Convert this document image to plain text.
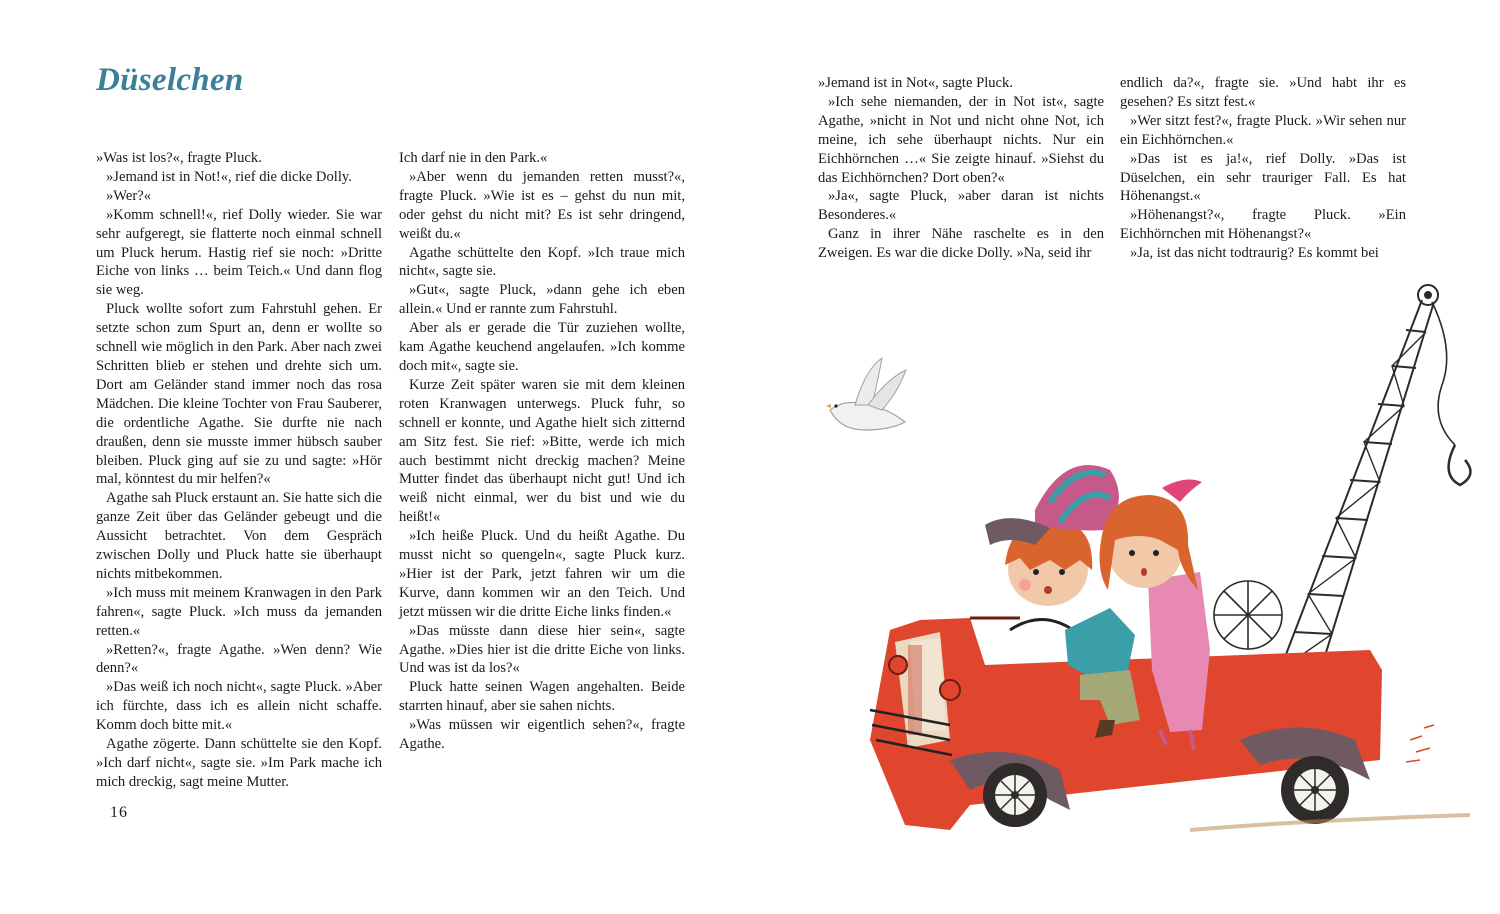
Düselchen

»Was ist los?«, fragte Pluck.

»Jemand ist in Not!«, rief die dicke Dolly.

»Wer?«

»Komm schnell!«, rief Dolly wieder. Sie war sehr aufgeregt, sie flatterte noch einmal schnell um Pluck herum. Hastig rief sie noch: »Dritte Eiche von links … beim Teich.« Und dann flog sie weg.

Pluck wollte sofort zum Fahrstuhl gehen. Er setzte schon zum Spurt an, denn er wollte so schnell wie möglich in den Park. Aber nach zwei Schritten blieb er stehen und drehte sich um. Dort am Geländer stand immer noch das rosa Mädchen. Die kleine Tochter von Frau Sauberer, die ordentliche Agathe. Sie durfte nie nach draußen, denn sie musste immer hübsch sauber bleiben. Pluck ging auf sie zu und sagte: »Hör mal, könntest du mir helfen?«

Agathe sah Pluck erstaunt an. Sie hatte sich die ganze Zeit über das Geländer gebeugt und die Aussicht betrachtet. Von dem Gespräch zwischen Dolly und Pluck hatte sie überhaupt nichts mitbekommen.

»Ich muss mit meinem Kranwagen in den Park fahren«, sagte Pluck. »Ich muss da jemanden retten.«

»Retten?«, fragte Agathe. »Wen denn? Wie denn?«

»Das weiß ich noch nicht«, sagte Pluck. »Aber ich fürchte, dass ich es allein nicht schaffe. Komm doch bitte mit.«

Agathe zögerte. Dann schüttelte sie den Kopf. »Ich darf nicht«, sagte sie. »Im Park mache ich mich dreckig, sagt meine Mutter.

Ich darf nie in den Park.«

»Aber wenn du jemanden retten musst?«, fragte Pluck. »Wie ist es – gehst du nun mit, oder gehst du nicht mit? Es ist sehr dringend, weißt du.«

Agathe schüttelte den Kopf. »Ich traue mich nicht«, sagte sie.

»Gut«, sagte Pluck, »dann gehe ich eben allein.« Und er rannte zum Fahrstuhl.

Aber als er gerade die Tür zuziehen wollte, kam Agathe keuchend angelaufen. »Ich komme doch mit«, sagte sie.

Kurze Zeit später waren sie mit dem kleinen roten Kranwagen unterwegs. Pluck fuhr, so schnell er konnte, und Agathe hielt sich zitternd am Sitz fest. Sie rief: »Bitte, werde ich mich auch bestimmt nicht dreckig machen? Meine Mutter findet das überhaupt nicht gut! Und ich weiß nicht einmal, wer du bist und wie du heißt!«

»Ich heiße Pluck. Und du heißt Agathe. Du musst nicht so quengeln«, sagte Pluck kurz. »Hier ist der Park, jetzt fahren wir um die Kurve, dann kommen wir an den Teich. Und jetzt müssen wir die dritte Eiche links finden.«

»Das müsste dann diese hier sein«, sagte Agathe. »Dies hier ist die dritte Eiche von links. Und was ist da los?«

Pluck hatte seinen Wagen angehalten. Beide starrten hinauf, aber sie sahen nichts.

»Was müssen wir eigentlich sehen?«, fragte Agathe.

16

»Jemand ist in Not«, sagte Pluck.

»Ich sehe niemanden, der in Not ist«, sagte Agathe, »nicht in Not und nicht ohne Not, ich meine, ich sehe überhaupt nichts. Nur ein Eichhörnchen …« Sie zeigte hinauf. »Siehst du das Eichhörnchen? Dort oben?«

»Ja«, sagte Pluck, »aber daran ist nichts Besonderes.«

Ganz in ihrer Nähe raschelte es in den Zweigen. Es war die dicke Dolly. »Na, seid ihr

endlich da?«, fragte sie. »Und habt ihr es gesehen? Es sitzt fest.«

»Wer sitzt fest?«, fragte Pluck. »Wir sehen nur ein Eichhörnchen.«

»Das ist es ja!«, rief Dolly. »Das ist Düselchen, ein sehr trauriger Fall. Es hat Höhenangst.«

»Höhenangst?«, fragte Pluck. »Ein Eichhörnchen mit Höhenangst?«

»Ja, ist das nicht todtraurig? Es kommt bei
